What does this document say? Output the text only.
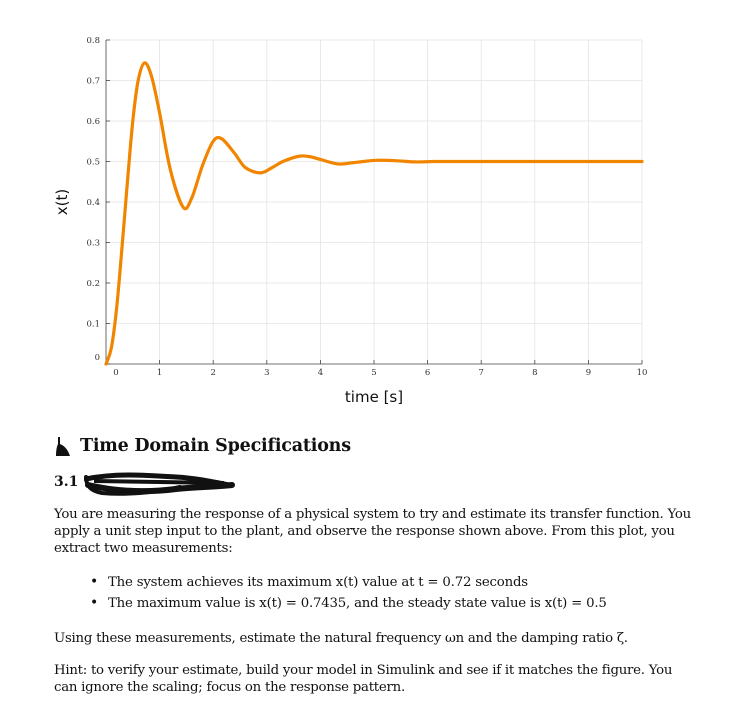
0
0.1
0.2
0.3
0.4
0.5
0.6
0.7
0.8
0	1	2	3	4	5	6	7	8	9	10
time [s]
x(t)
Time Domain Specifications
3.1
You are measuring the response of a physical system to try and estimate its transfer function. You apply a unit step input to the plant, and observe the response shown above. From this plot, you extract two measurements:
• The system achieves its maximum x(t) value at t = 0.72 seconds
• The maximum value is x(t) = 0.7435, and the steady state value is x(t) = 0.5
Using these measurements, estimate the natural frequency ωn and the damping ratio ζ.
Hint: to verify your estimate, build your model in Simulink and see if it matches the figure. You can ignore the scaling; focus on the response pattern.
